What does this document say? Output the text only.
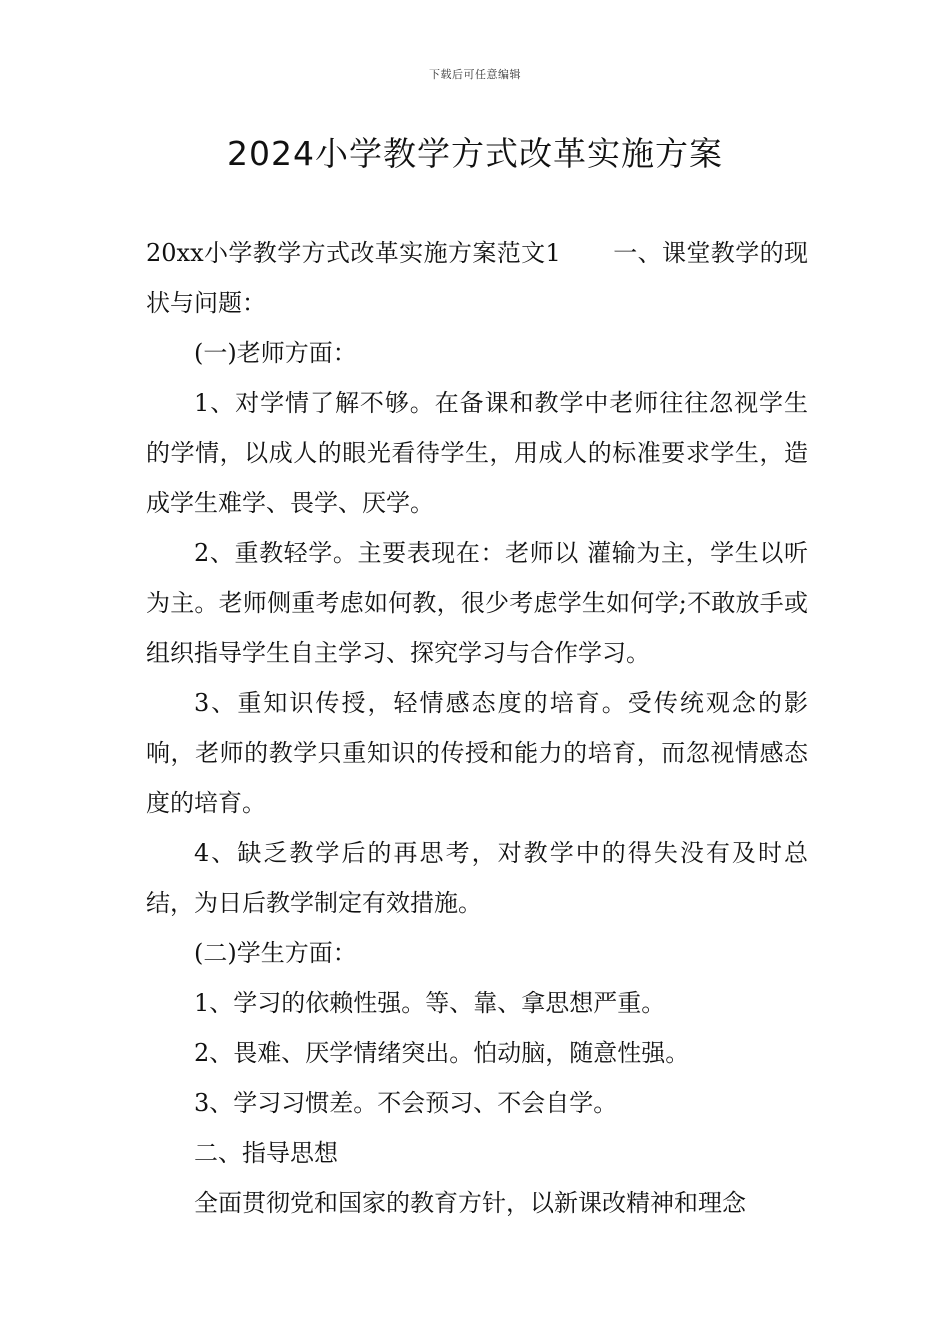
下载后可任意编辑
2024小学教学方式改革实施方案

20xx小学教学方式改革实施方案范文1 一、课堂教学的现状与问题：

(一)老师方面：

1、对学情了解不够。在备课和教学中老师往往忽视学生的学情，以成人的眼光看待学生，用成人的标准要求学生，造成学生难学、畏学、厌学。

2、重教轻学。主要表现在：老师以 灌输为主，学生以听为主。老师侧重考虑如何教，很少考虑学生如何学;不敢放手或组织指导学生自主学习、探究学习与合作学习。

3、重知识传授，轻情感态度的培育。受传统观念的影响，老师的教学只重知识的传授和能力的培育，而忽视情感态度的培育。

4、缺乏教学后的再思考，对教学中的得失没有及时总结，为日后教学制定有效措施。

(二)学生方面：

1、学习的依赖性强。等、靠、拿思想严重。

2、畏难、厌学情绪突出。怕动脑，随意性强。

3、学习习惯差。不会预习、不会自学。

二、指导思想

全面贯彻党和国家的教育方针，以新课改精神和理念
